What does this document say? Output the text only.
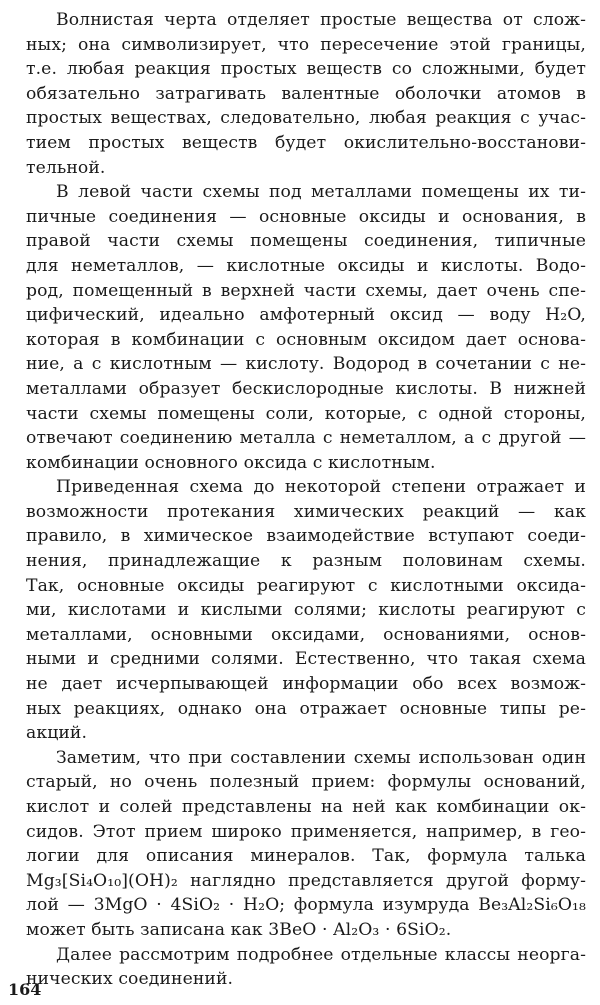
Волнистая черта отделяет простые вещества от слож-
ных; она символизирует, что пересечение этой границы,
т.е. любая реакция простых веществ со сложными, будет
обязательно затрагивать валентные оболочки атомов в
простых веществах, следовательно, любая реакция с учас-
тием простых веществ будет окислительно-восстанови-
тельной.
В левой части схемы под металлами помещены их ти-
пичные соединения — основные оксиды и основания, в
правой части схемы помещены соединения, типичные
для неметаллов, — кислотные оксиды и кислоты. Водо-
род, помещенный в верхней части схемы, дает очень спе-
цифический, идеально амфотерный оксид — воду H₂O,
которая в комбинации с основным оксидом дает основа-
ние, а с кислотным — кислоту. Водород в сочетании с не-
металлами образует бескислородные кислоты. В нижней
части схемы помещены соли, которые, с одной стороны,
отвечают соединению металла с неметаллом, а с другой —
комбинации основного оксида с кислотным.
Приведенная схема до некоторой степени отражает и
возможности протекания химических реакций — как
правило, в химическое взаимодействие вступают соеди-
нения, принадлежащие к разным половинам схемы.
Так, основные оксиды реагируют с кислотными оксида-
ми, кислотами и кислыми солями; кислоты реагируют с
металлами, основными оксидами, основаниями, основ-
ными и средними солями. Естественно, что такая схема
не дает исчерпывающей информации обо всех возмож-
ных реакциях, однако она отражает основные типы ре-
акций.
Заметим, что при составлении схемы использован один
старый, но очень полезный прием: формулы оснований,
кислот и солей представлены на ней как комбинации ок-
сидов. Этот прием широко применяется, например, в гео-
логии для описания минералов. Так, формула талька
Mg₃[Si₄O₁₀](OH)₂ наглядно представляется другой форму-
лой — 3MgO · 4SiO₂ · H₂O; формула изумруда Be₃Al₂Si₆O₁₈
может быть записана как 3BeO · Al₂O₃ · 6SiO₂.
Далее рассмотрим подробнее отдельные классы неорга-
нических соединений.
164
